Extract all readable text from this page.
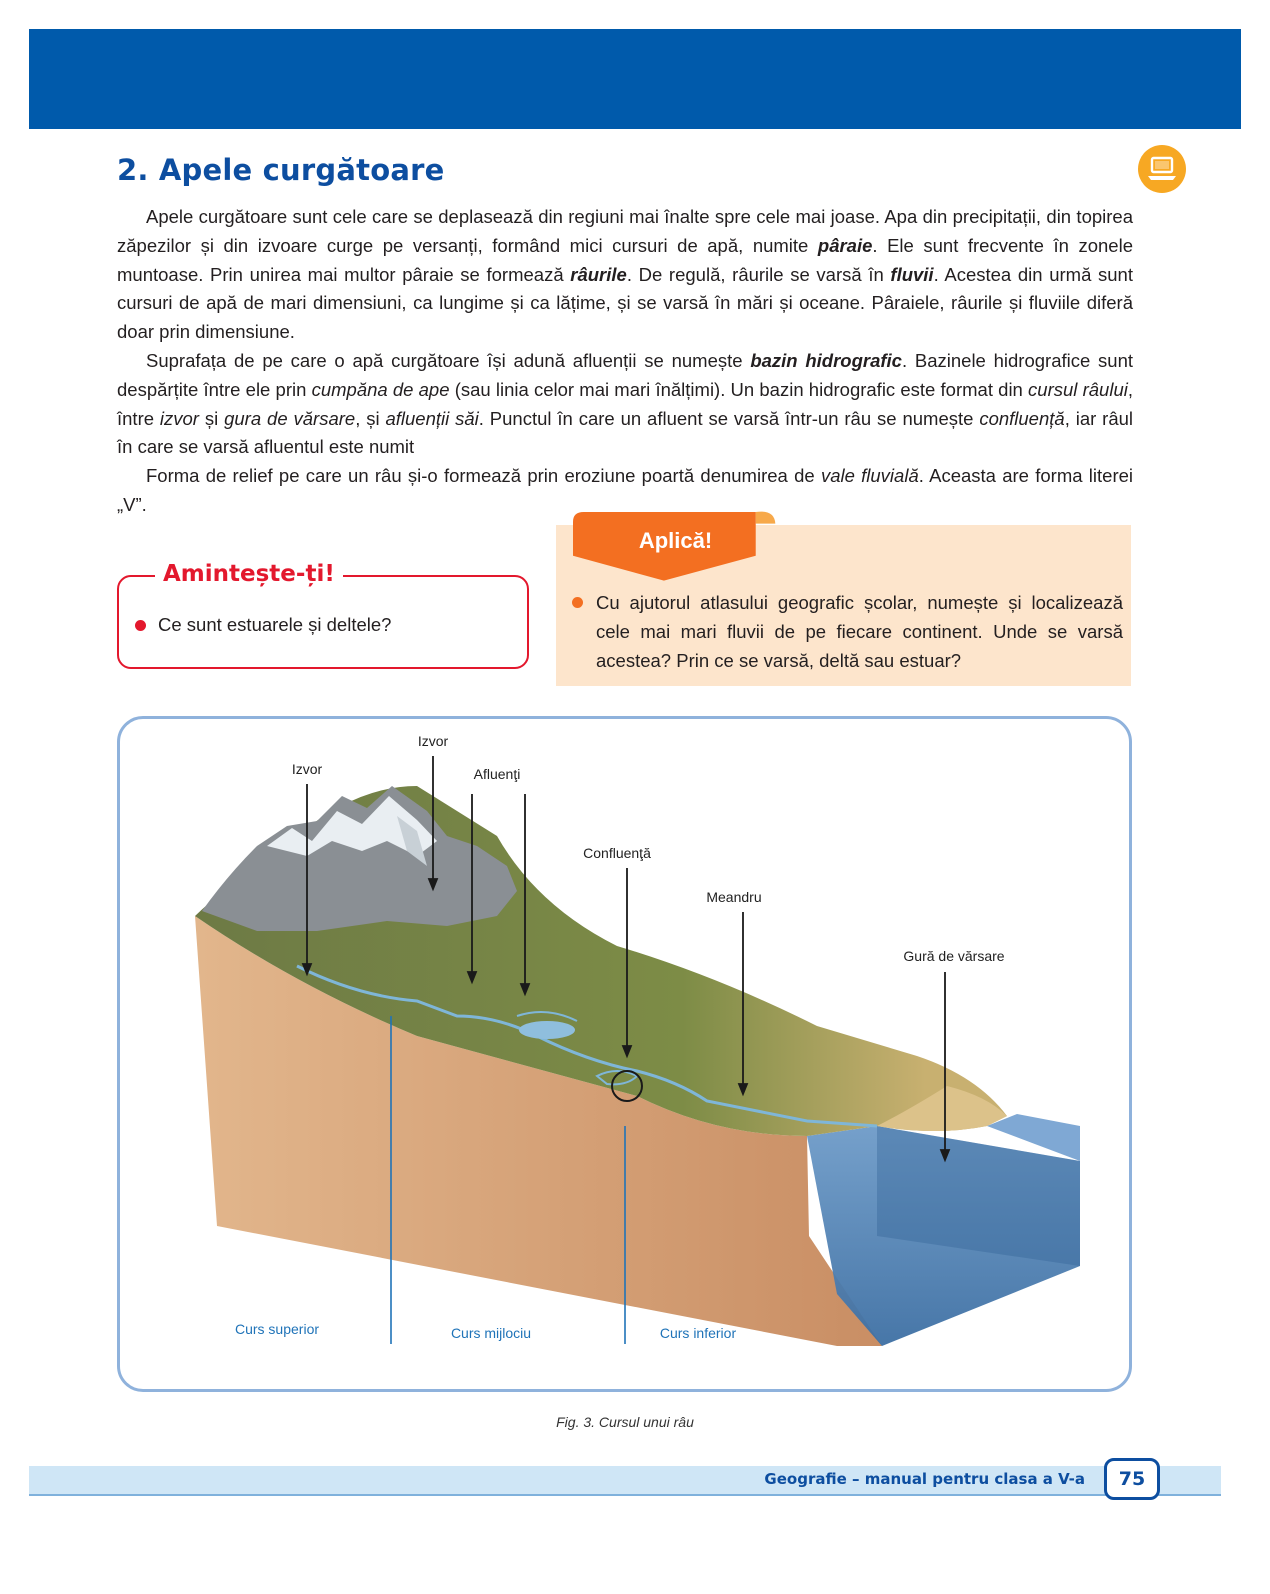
2. Apele curgătoare

Apele curgătoare sunt cele care se deplasează din regiuni mai înalte spre cele mai joase. Apa din precipitații, din topirea zăpezilor și din izvoare curge pe versanți, formând mici cursuri de apă, numite pâraie. Ele sunt frecvente în zonele muntoase. Prin unirea mai multor pâraie se formează râurile. De regulă, râurile se varsă în fluvii. Acestea din urmă sunt cursuri de apă de mari dimensiuni, ca lungime și ca lățime, și se varsă în mări și oceane. Pâraiele, râurile și fluviile diferă doar prin dimensiune.

Suprafața de pe care o apă curgătoare își adună afluenții se numește bazin hidrografic. Bazinele hidrografice sunt despărțite între ele prin cumpăna de ape (sau linia celor mai mari înălțimi). Un bazin hidrografic este format din cursul râului, între izvor și gura de vărsare, și afluenții săi. Punctul în care un afluent se varsă într-un râu se numește confluență, iar râul în care se varsă afluentul este numit

Forma de relief pe care un râu și-o formează prin eroziune poartă denumirea de vale fluvială. Aceasta are forma literei „V”.

Amintește-ți!
Ce sunt estuarele și deltele?
Aplică!
Cu ajutorul atlasului geografic școlar, numește și localizează cele mai mari fluvii de pe fiecare continent. Unde se varsă acestea? Prin ce se varsă, deltă sau estuar?
Izvor
Izvor
Afluenţi
Confluenţă
Meandru
Gură de vărsare
Curs superior	Curs mijlociu	Curs inferior
Fig. 3. Cursul unui râu
Geografie – manual pentru clasa a V-a	75
